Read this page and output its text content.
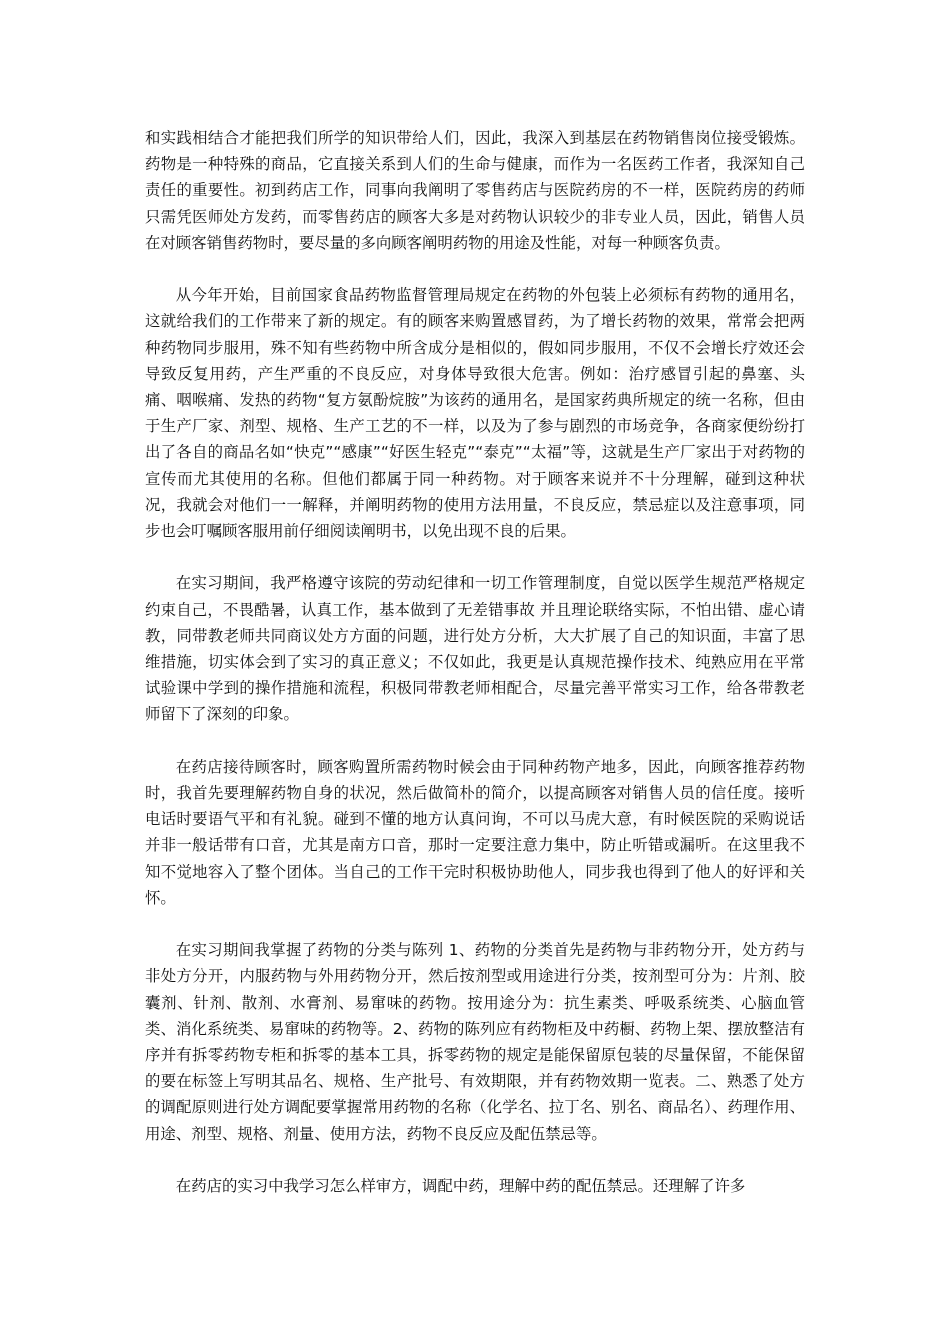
和实践相结合才能把我们所学的知识带给人们，因此，我深入到基层在药物销售岗位接受锻炼。药物是一种特殊的商品，它直接关系到人们的生命与健康，而作为一名医药工作者，我深知自己责任的重要性。初到药店工作，同事向我阐明了零售药店与医院药房的不一样，医院药房的药师只需凭医师处方发药，而零售药店的顾客大多是对药物认识较少的非专业人员，因此，销售人员在对顾客销售药物时，要尽量的多向顾客阐明药物的用途及性能，对每一种顾客负责。

从今年开始，目前国家食品药物监督管理局规定在药物的外包装上必须标有药物的通用名，这就给我们的工作带来了新的规定。有的顾客来购置感冒药，为了增长药物的效果，常常会把两种药物同步服用，殊不知有些药物中所含成分是相似的，假如同步服用，不仅不会增长疗效还会导致反复用药，产生严重的不良反应，对身体导致很大危害。例如：治疗感冒引起的鼻塞、头痛、咽喉痛、发热的药物“复方氨酚烷胺”为该药的通用名，是国家药典所规定的统一名称，但由于生产厂家、剂型、规格、生产工艺的不一样，以及为了参与剧烈的市场竞争，各商家便纷纷打出了各自的商品名如“快克”“感康”“好医生轻克”“泰克”“太福”等，这就是生产厂家出于对药物的宣传而尤其使用的名称。但他们都属于同一种药物。对于顾客来说并不十分理解，碰到这种状况，我就会对他们一一解释，并阐明药物的使用方法用量，不良反应，禁忌症以及注意事项，同步也会叮嘱顾客服用前仔细阅读阐明书，以免出现不良的后果。

在实习期间，我严格遵守该院的劳动纪律和一切工作管理制度，自觉以医学生规范严格规定约束自己，不畏酷暑，认真工作，基本做到了无差错事故 并且理论联络实际，不怕出错、虚心请教，同带教老师共同商议处方方面的问题，进行处方分析，大大扩展了自己的知识面，丰富了思维措施，切实体会到了实习的真正意义；不仅如此，我更是认真规范操作技术、纯熟应用在平常试验课中学到的操作措施和流程，积极同带教老师相配合，尽量完善平常实习工作，给各带教老师留下了深刻的印象。

在药店接待顾客时，顾客购置所需药物时候会由于同种药物产地多，因此，向顾客推荐药物时，我首先要理解药物自身的状况，然后做简朴的简介，以提高顾客对销售人员的信任度。接听电话时要语气平和有礼貌。碰到不懂的地方认真问询，不可以马虎大意，有时候医院的采购说话并非一般话带有口音，尤其是南方口音，那时一定要注意力集中，防止听错或漏听。在这里我不知不觉地容入了整个团体。当自己的工作干完时积极协助他人，同步我也得到了他人的好评和关怀。

在实习期间我掌握了药物的分类与陈列 1、药物的分类首先是药物与非药物分开，处方药与非处方分开，内服药物与外用药物分开，然后按剂型或用途进行分类，按剂型可分为：片剂、胶囊剂、针剂、散剂、水膏剂、易窜味的药物。按用途分为：抗生素类、呼吸系统类、心脑血管类、消化系统类、易窜味的药物等。2、药物的陈列应有药物柜及中药橱、药物上架、摆放整洁有序并有拆零药物专柜和拆零的基本工具，拆零药物的规定是能保留原包装的尽量保留，不能保留的要在标签上写明其品名、规格、生产批号、有效期限，并有药物效期一览表。二、熟悉了处方的调配原则进行处方调配要掌握常用药物的名称（化学名、拉丁名、别名、商品名）、药理作用、用途、剂型、规格、剂量、使用方法，药物不良反应及配伍禁忌等。

在药店的实习中我学习怎么样审方，调配中药，理解中药的配伍禁忌。还理解了许多
